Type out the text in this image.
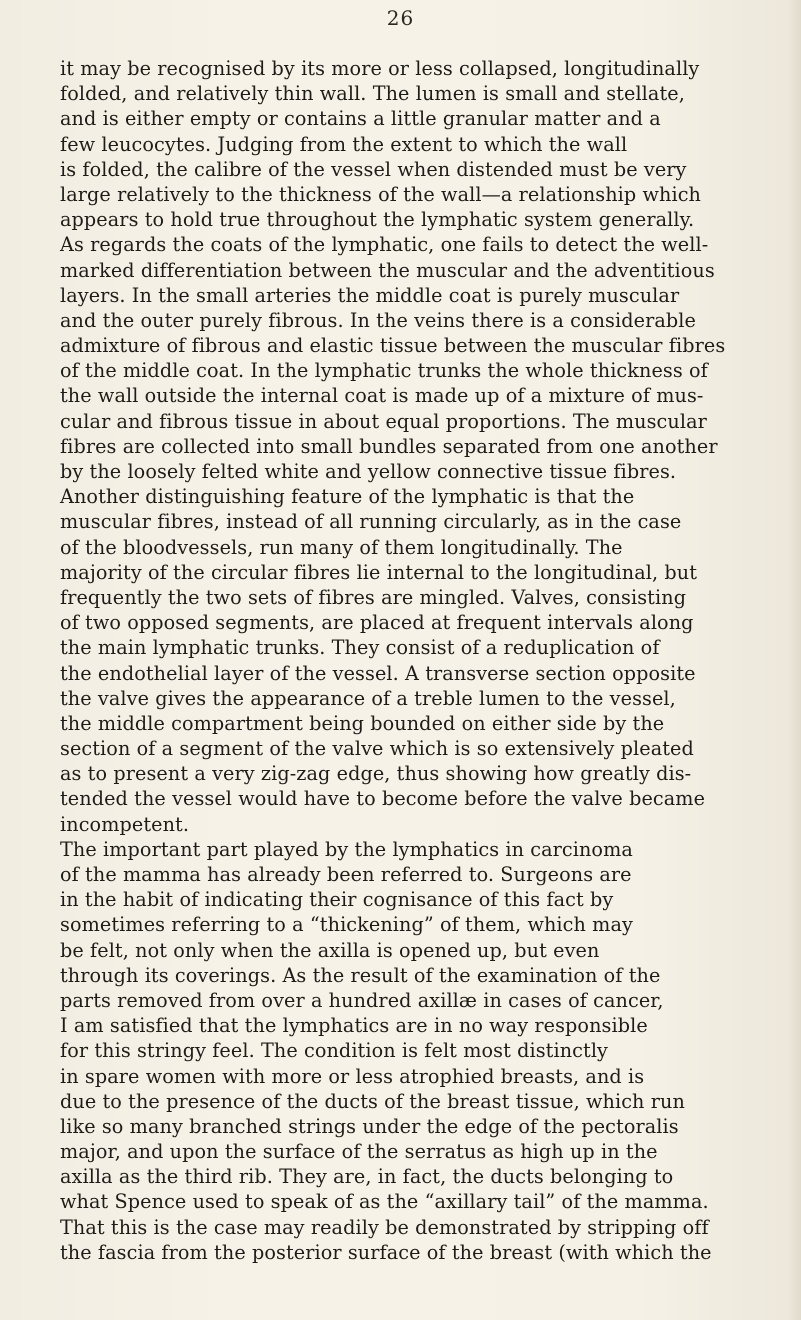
26
it may be recognised by its more or less collapsed, longitudinally
folded, and relatively thin wall. The lumen is small and stellate,
and is either empty or contains a little granular matter and a
few leucocytes. Judging from the extent to which the wall
is folded, the calibre of the vessel when distended must be very
large relatively to the thickness of the wall—a relationship which
appears to hold true throughout the lymphatic system generally.
As regards the coats of the lymphatic, one fails to detect the well-
marked differentiation between the muscular and the adventitious
layers. In the small arteries the middle coat is purely muscular
and the outer purely fibrous. In the veins there is a considerable
admixture of fibrous and elastic tissue between the muscular fibres
of the middle coat. In the lymphatic trunks the whole thickness of
the wall outside the internal coat is made up of a mixture of mus-
cular and fibrous tissue in about equal proportions. The muscular
fibres are collected into small bundles separated from one another
by the loosely felted white and yellow connective tissue fibres.
Another distinguishing feature of the lymphatic is that the
muscular fibres, instead of all running circularly, as in the case
of the bloodvessels, run many of them longitudinally. The
majority of the circular fibres lie internal to the longitudinal, but
frequently the two sets of fibres are mingled. Valves, consisting
of two opposed segments, are placed at frequent intervals along
the main lymphatic trunks. They consist of a reduplication of
the endothelial layer of the vessel. A transverse section opposite
the valve gives the appearance of a treble lumen to the vessel,
the middle compartment being bounded on either side by the
section of a segment of the valve which is so extensively pleated
as to present a very zig-zag edge, thus showing how greatly dis-
tended the vessel would have to become before the valve became
incompetent.
The important part played by the lymphatics in carcinoma
of the mamma has already been referred to. Surgeons are
in the habit of indicating their cognisance of this fact by
sometimes referring to a “thickening” of them, which may
be felt, not only when the axilla is opened up, but even
through its coverings. As the result of the examination of the
parts removed from over a hundred axillæ in cases of cancer,
I am satisfied that the lymphatics are in no way responsible
for this stringy feel. The condition is felt most distinctly
in spare women with more or less atrophied breasts, and is
due to the presence of the ducts of the breast tissue, which run
like so many branched strings under the edge of the pectoralis
major, and upon the surface of the serratus as high up in the
axilla as the third rib. They are, in fact, the ducts belonging to
what Spence used to speak of as the “axillary tail” of the mamma.
That this is the case may readily be demonstrated by stripping off
the fascia from the posterior surface of the breast (with which the
